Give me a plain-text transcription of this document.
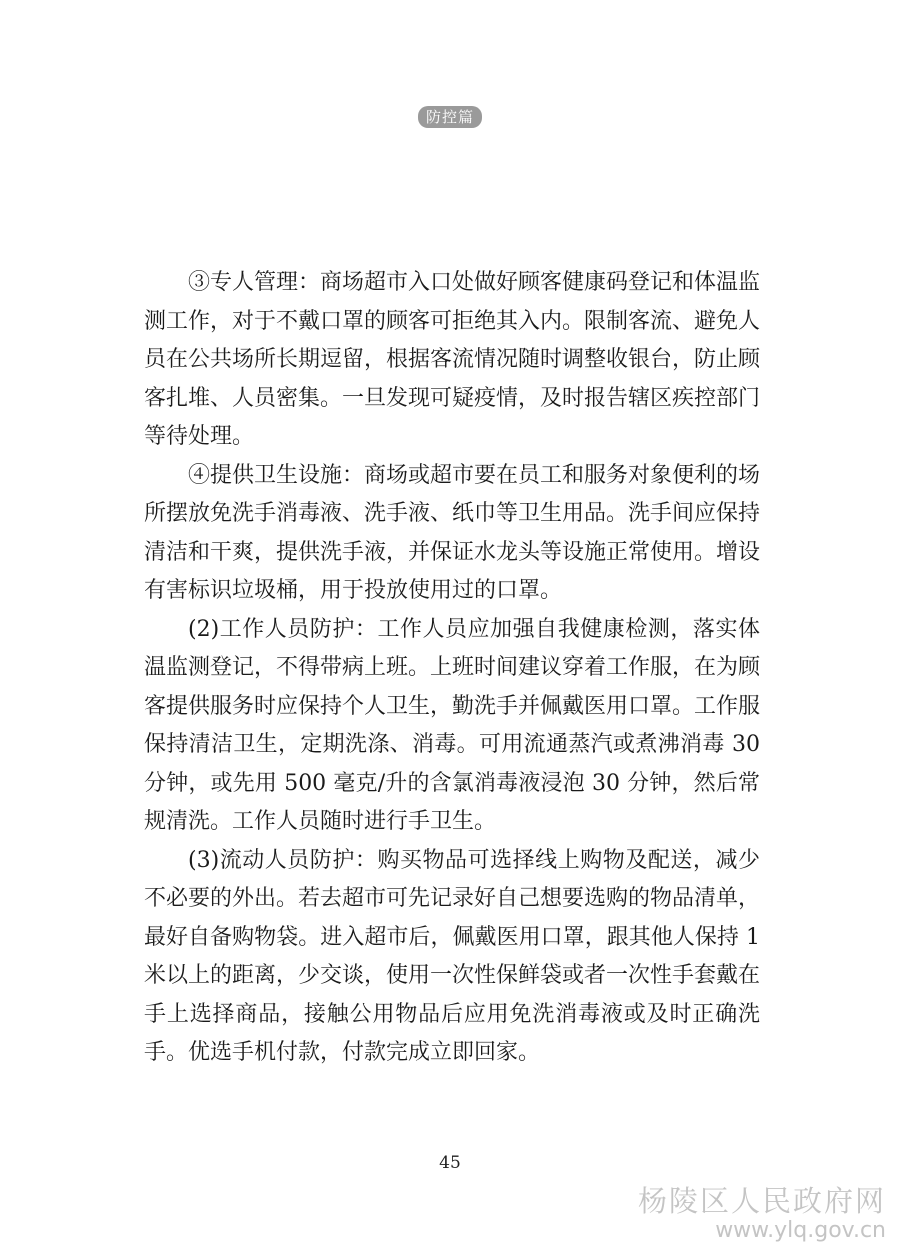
防控篇

③专人管理：商场超市入口处做好顾客健康码登记和体温监测工作，对于不戴口罩的顾客可拒绝其入内。限制客流、避免人员在公共场所长期逗留，根据客流情况随时调整收银台，防止顾客扎堆、人员密集。一旦发现可疑疫情，及时报告辖区疾控部门等待处理。

④提供卫生设施：商场或超市要在员工和服务对象便利的场所摆放免洗手消毒液、洗手液、纸巾等卫生用品。洗手间应保持清洁和干爽，提供洗手液，并保证水龙头等设施正常使用。增设有害标识垃圾桶，用于投放使用过的口罩。

(2)工作人员防护：工作人员应加强自我健康检测，落实体温监测登记，不得带病上班。上班时间建议穿着工作服，在为顾客提供服务时应保持个人卫生，勤洗手并佩戴医用口罩。工作服保持清洁卫生，定期洗涤、消毒。可用流通蒸汽或煮沸消毒 30 分钟，或先用 500 毫克/升的含氯消毒液浸泡 30 分钟，然后常规清洗。工作人员随时进行手卫生。

(3)流动人员防护：购买物品可选择线上购物及配送，减少不必要的外出。若去超市可先记录好自己想要选购的物品清单，最好自备购物袋。进入超市后，佩戴医用口罩，跟其他人保持 1 米以上的距离，少交谈，使用一次性保鲜袋或者一次性手套戴在手上选择商品，接触公用物品后应用免洗消毒液或及时正确洗手。优选手机付款，付款完成立即回家。

45
杨陵区人民政府网
www.ylq.gov.cn
